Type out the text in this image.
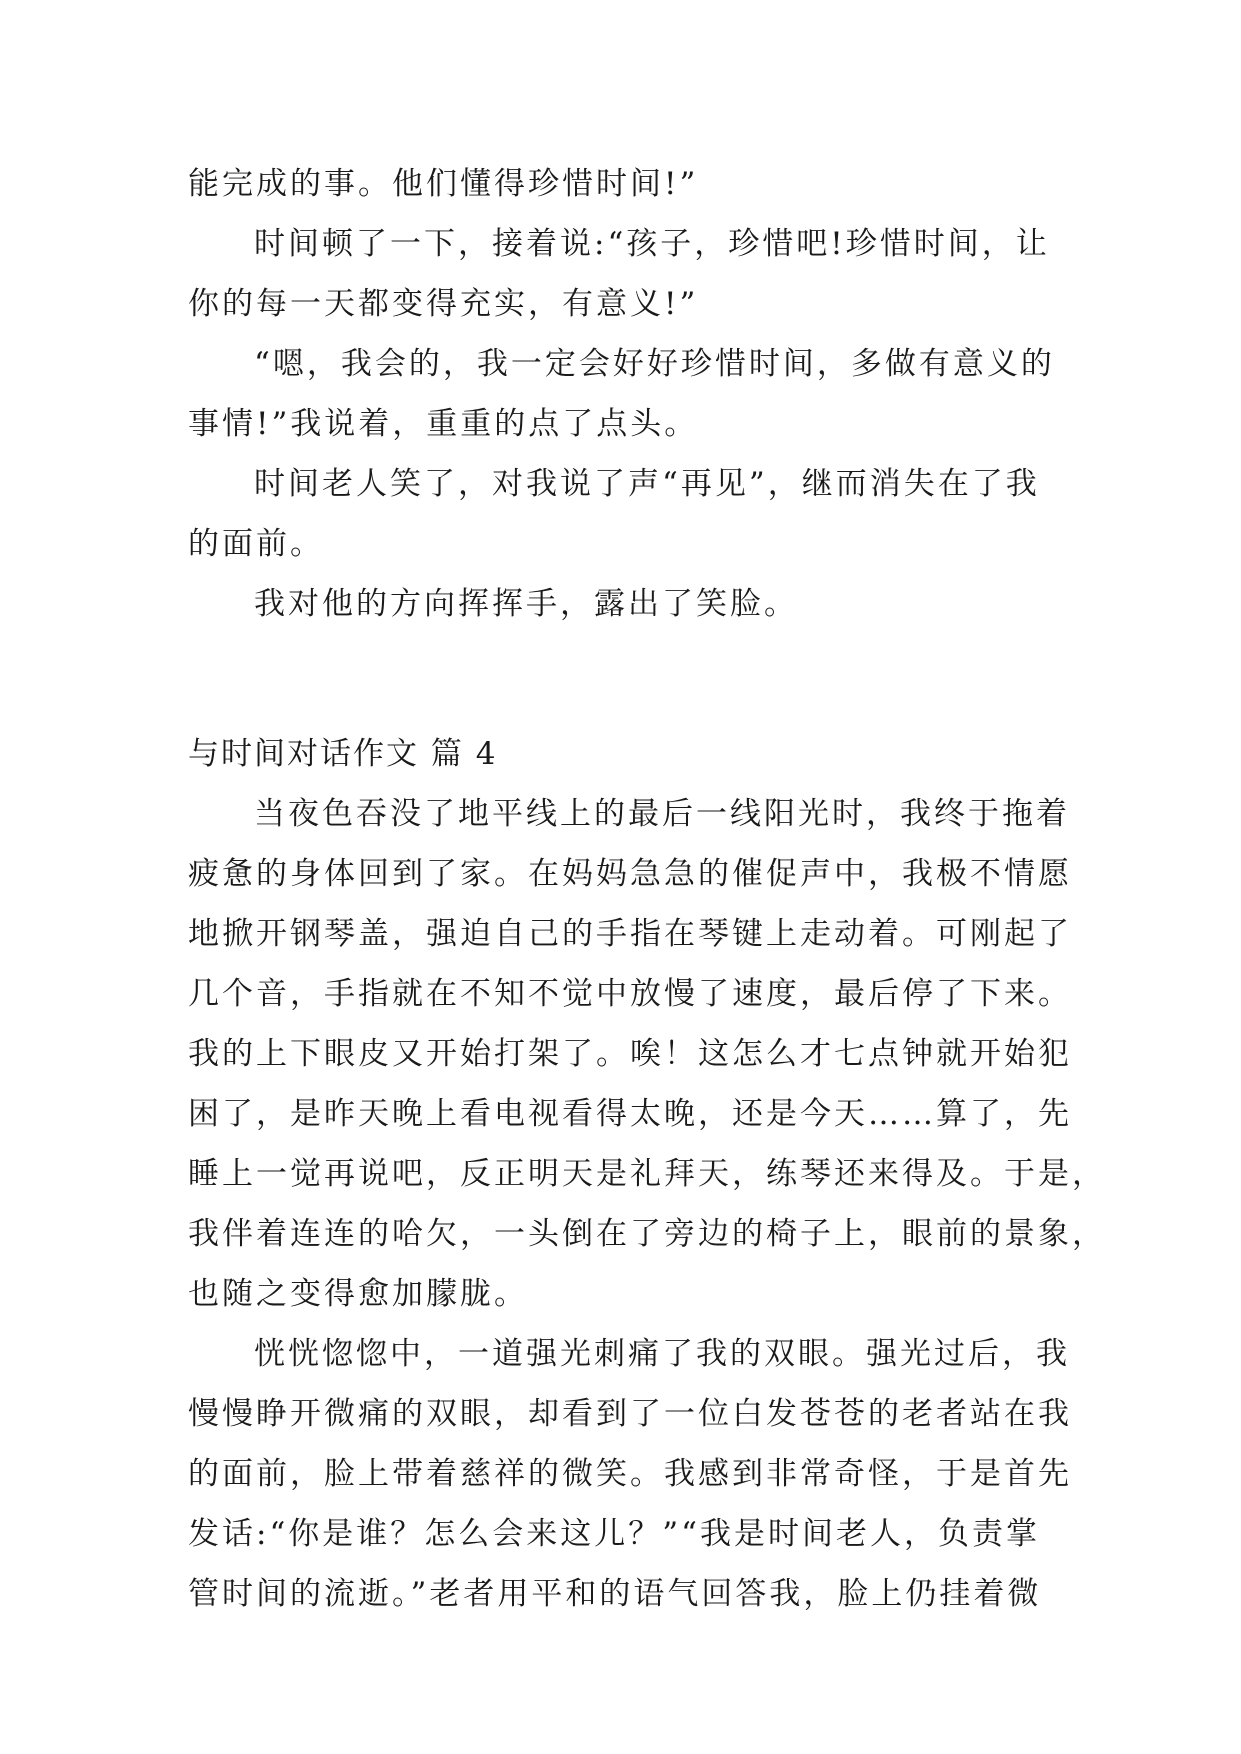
能完成的事。他们懂得珍惜时间!”
时间顿了一下，接着说:“孩子，珍惜吧!珍惜时间，让
你的每一天都变得充实，有意义!”
“嗯，我会的，我一定会好好珍惜时间，多做有意义的
事情!”我说着，重重的点了点头。
时间老人笑了，对我说了声“再见”，继而消失在了我
的面前。
我对他的方向挥挥手，露出了笑脸。
与时间对话作文 篇 4
当夜色吞没了地平线上的最后一线阳光时，我终于拖着
疲惫的身体回到了家。在妈妈急急的催促声中，我极不情愿
地掀开钢琴盖，强迫自己的手指在琴键上走动着。可刚起了
几个音，手指就在不知不觉中放慢了速度，最后停了下来。
我的上下眼皮又开始打架了。唉！这怎么才七点钟就开始犯
困了，是昨天晚上看电视看得太晚，还是今天……算了，先
睡上一觉再说吧，反正明天是礼拜天，练琴还来得及。于是，
我伴着连连的哈欠，一头倒在了旁边的椅子上，眼前的景象，
也随之变得愈加朦胧。
恍恍惚惚中，一道强光刺痛了我的双眼。强光过后，我
慢慢睁开微痛的双眼，却看到了一位白发苍苍的老者站在我
的面前，脸上带着慈祥的微笑。我感到非常奇怪，于是首先
发话:“你是谁？怎么会来这儿？”“我是时间老人，负责掌
管时间的流逝。”老者用平和的语气回答我，脸上仍挂着微
